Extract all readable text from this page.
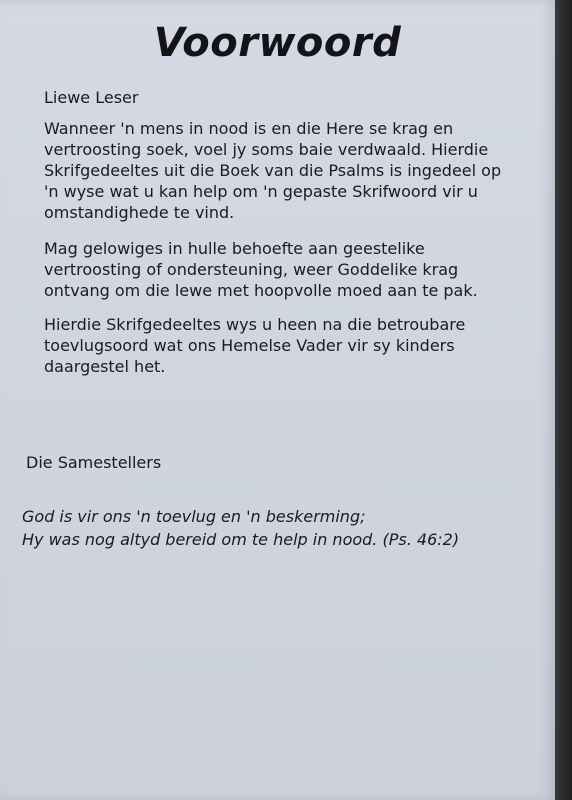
Voorwoord

Liewe Leser

Wanneer 'n mens in nood is en die Here se krag en vertroosting soek, voel jy soms baie verdwaald. Hierdie Skrifgedeeltes uit die Boek van die Psalms is ingedeel op 'n wyse wat u kan help om 'n gepaste Skrifwoord vir u omstandighede te vind.

Mag gelowiges in hulle behoefte aan geestelike vertroosting of ondersteuning, weer Goddelike krag ontvang om die lewe met hoopvolle moed aan te pak.

Hierdie Skrifgedeeltes wys u heen na die betroubare toevlugsoord wat ons Hemelse Vader vir sy kinders daargestel het.

Die Samestellers

God is vir ons 'n toevlug en 'n beskerming;
Hy was nog altyd bereid om te help in nood. (Ps. 46:2)
